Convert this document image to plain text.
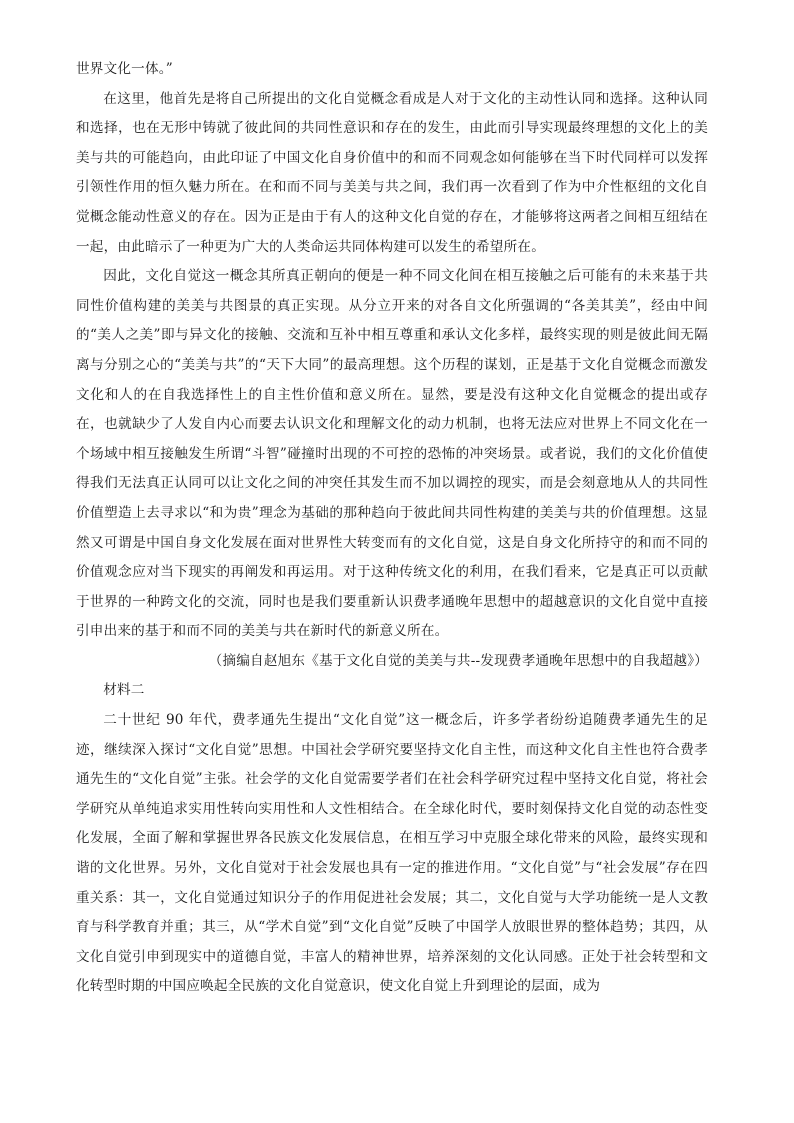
世界文化一体。”

在这里，他首先是将自己所提出的文化自觉概念看成是人对于文化的主动性认同和选择。这种认同和选择，也在无形中铸就了彼此间的共同性意识和存在的发生，由此而引导实现最终理想的文化上的美美与共的可能趋向，由此印证了中国文化自身价值中的和而不同观念如何能够在当下时代同样可以发挥引领性作用的恒久魅力所在。在和而不同与美美与共之间，我们再一次看到了作为中介性枢纽的文化自觉概念能动性意义的存在。因为正是由于有人的这种文化自觉的存在，才能够将这两者之间相互纽结在一起，由此暗示了一种更为广大的人类命运共同体构建可以发生的希望所在。

因此，文化自觉这一概念其所真正朝向的便是一种不同文化间在相互接触之后可能有的未来基于共同性价值构建的美美与共图景的真正实现。从分立开来的对各自文化所强调的“各美其美”，经由中间的“美人之美”即与异文化的接触、交流和互补中相互尊重和承认文化多样，最终实现的则是彼此间无隔离与分别之心的“美美与共”的“天下大同”的最高理想。这个历程的谋划，正是基于文化自觉概念而激发文化和人的在自我选择性上的自主性价值和意义所在。显然，要是没有这种文化自觉概念的提出或存在，也就缺少了人发自内心而要去认识文化和理解文化的动力机制，也将无法应对世界上不同文化在一个场域中相互接触发生所谓“斗智”碰撞时出现的不可控的恐怖的冲突场景。或者说，我们的文化价值使得我们无法真正认同可以让文化之间的冲突任其发生而不加以调控的现实，而是会刻意地从人的共同性价值塑造上去寻求以“和为贵”理念为基础的那种趋向于彼此间共同性构建的美美与共的价值理想。这显然又可谓是中国自身文化发展在面对世界性大转变而有的文化自觉，这是自身文化所持守的和而不同的价值观念应对当下现实的再阐发和再运用。对于这种传统文化的利用，在我们看来，它是真正可以贡献于世界的一种跨文化的交流，同时也是我们要重新认识费孝通晚年思想中的超越意识的文化自觉中直接引申出来的基于和而不同的美美与共在新时代的新意义所在。

（摘编自赵旭东《基于文化自觉的美美与共--发现费孝通晚年思想中的自我超越》）

材料二

二十世纪 90 年代，费孝通先生提出“文化自觉”这一概念后，许多学者纷纷追随费孝通先生的足迹，继续深入探讨“文化自觉”思想。中国社会学研究要坚持文化自主性，而这种文化自主性也符合费孝通先生的“文化自觉”主张。社会学的文化自觉需要学者们在社会科学研究过程中坚持文化自觉，将社会学研究从单纯追求实用性转向实用性和人文性相结合。在全球化时代，要时刻保持文化自觉的动态性变化发展，全面了解和掌握世界各民族文化发展信息，在相互学习中克服全球化带来的风险，最终实现和谐的文化世界。另外，文化自觉对于社会发展也具有一定的推进作用。“文化自觉”与“社会发展”存在四重关系：其一，文化自觉通过知识分子的作用促进社会发展；其二，文化自觉与大学功能统一是人文教育与科学教育并重；其三，从“学术自觉”到“文化自觉”反映了中国学人放眼世界的整体趋势；其四，从文化自觉引申到现实中的道德自觉，丰富人的精神世界，培养深刻的文化认同感。正处于社会转型和文化转型时期的中国应唤起全民族的文化自觉意识，使文化自觉上升到理论的层面，成为
